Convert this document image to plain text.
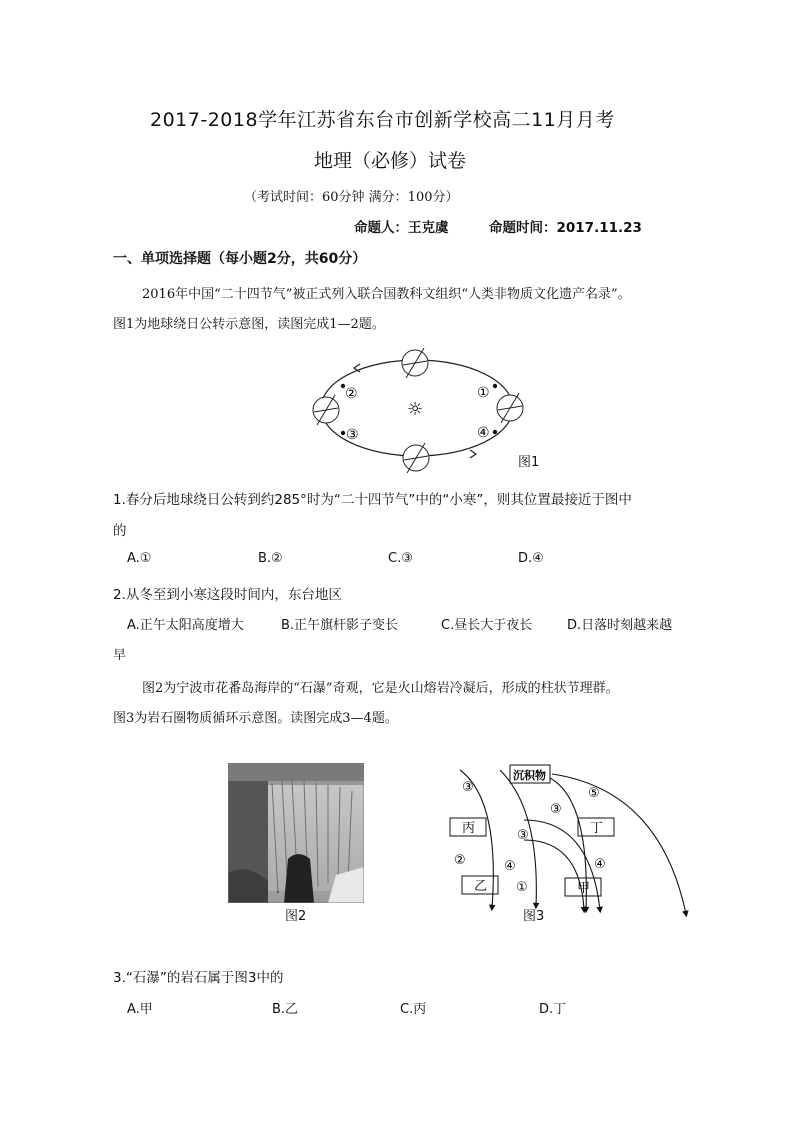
2017-2018学年江苏省东台市创新学校高二11月月考
地理（必修）试卷
（考试时间：60分钟 满分：100分）
命题人：王克虞	命题时间：2017.11.23
一、单项选择题（每小题2分，共60分）
2016年中国“二十四节气”被正式列入联合国教科文组织“人类非物质文化遗产名录”。
图1为地球绕日公转示意图，读图完成1—2题。
②
③
①
④
☼
图1
1.春分后地球绕日公转到约285°时为“二十四节气”中的“小寒”，则其位置最接近于图中
的
A.①	B.②	C.③	D.④
2.从冬至到小寒这段时间内，东台地区
A.正午太阳高度增大	B.正午旗杆影子变长	C.昼长大于夜长	D.日落时刻越来越
早
图2为宁波市花番岛海岸的“石瀑”奇观，它是火山熔岩冷凝后，形成的柱状节理群。
图3为岩石圈物质循环示意图。读图完成3—4题。
图2
沉积物
丙	丁
乙	甲
③
③
⑤
③
②	④	④
①
图3
3.“石瀑”的岩石属于图3中的
A.甲	B.乙	C.丙	D.丁
